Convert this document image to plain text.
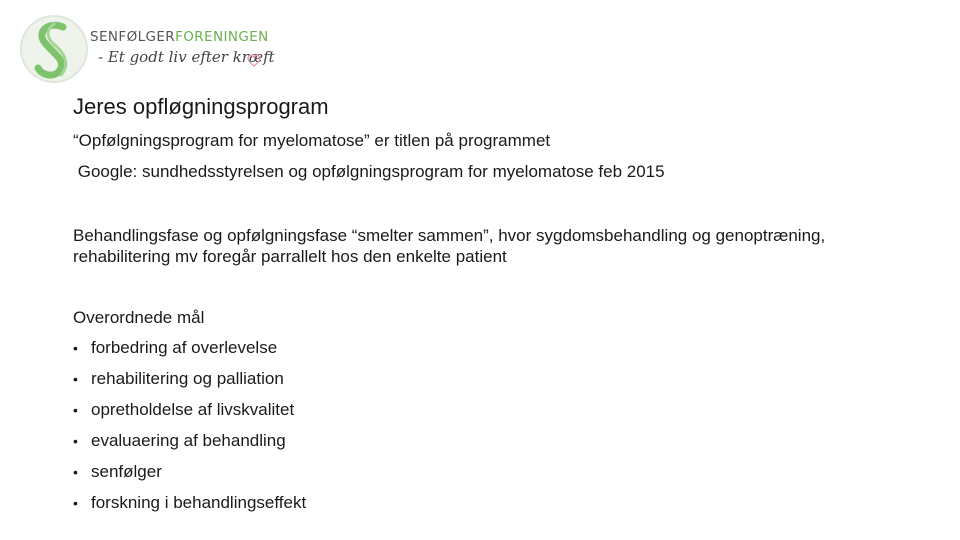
SENFØLGERFORENINGEN
- Et godt liv efter kræft
Jeres opfløgningsprogram
“Opfølgningsprogram for myelomatose” er titlen på programmet
Google: sundhedsstyrelsen og opfølgningsprogram for myelomatose feb 2015
Behandlingsfase og opfølgningsfase “smelter sammen”, hvor sygdomsbehandling og genoptræning, rehabilitering mv foregår parrallelt hos den enkelte patient
Overordnede mål
• forbedring af overlevelse
• rehabilitering og palliation
• opretholdelse af livskvalitet
• evaluaering af behandling
• senfølger
• forskning i behandlingseffekt
